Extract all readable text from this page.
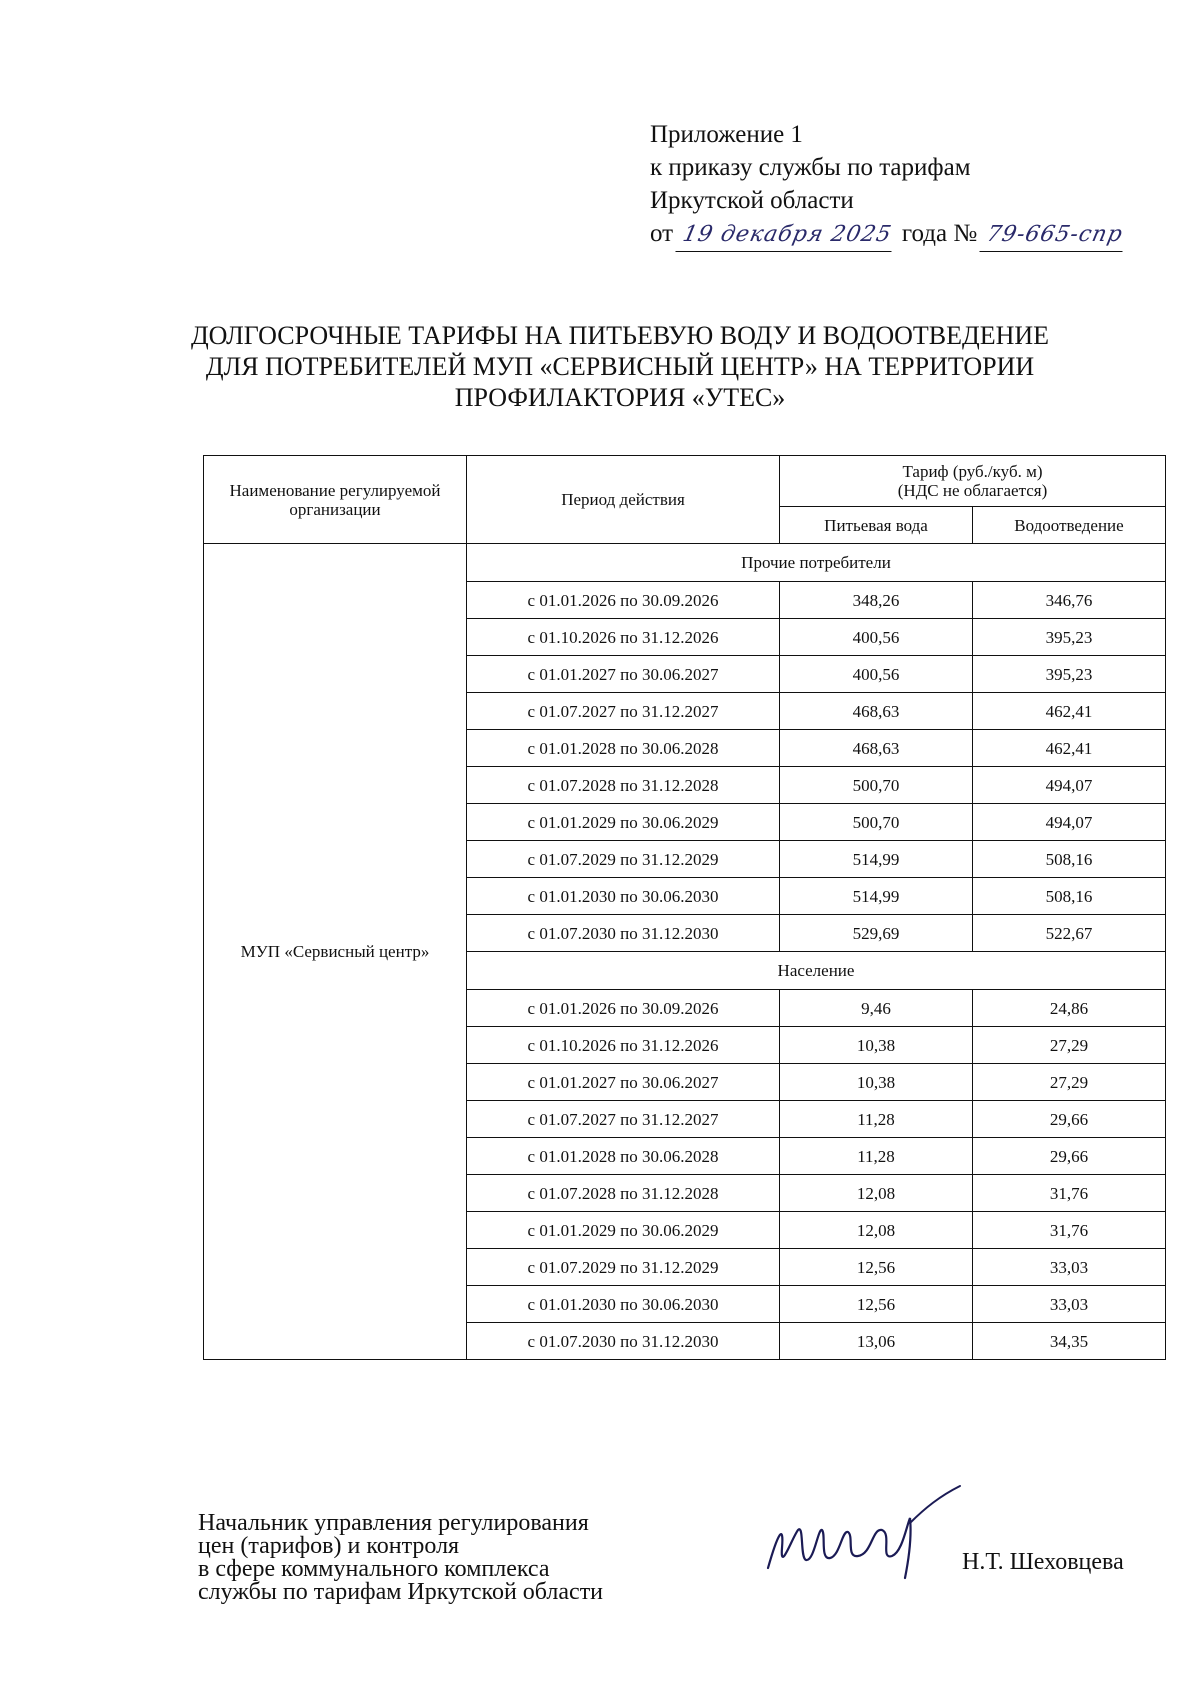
Приложение 1
к приказу службы по тарифам
Иркутской области
от 19 декабря 2025 года № 79-665-спр
ДОЛГОСРОЧНЫЕ ТАРИФЫ НА ПИТЬЕВУЮ ВОДУ И ВОДООТВЕДЕНИЕ
ДЛЯ ПОТРЕБИТЕЛЕЙ МУП «СЕРВИСНЫЙ ЦЕНТР» НА ТЕРРИТОРИИ
ПРОФИЛАКТОРИЯ «УТЕС»
Наименование регулируемой организации	Период действия	Тариф (руб./куб. м)
(НДС не облагается)	
		Питьевая вода	Водоотведение
МУП «Сервисный центр»	Прочие потребители		
	с 01.01.2026 по 30.09.2026	348,26	346,76
	с 01.10.2026 по 31.12.2026	400,56	395,23
	с 01.01.2027 по 30.06.2027	400,56	395,23
	с 01.07.2027 по 31.12.2027	468,63	462,41
	с 01.01.2028 по 30.06.2028	468,63	462,41
	с 01.07.2028 по 31.12.2028	500,70	494,07
	с 01.01.2029 по 30.06.2029	500,70	494,07
	с 01.07.2029 по 31.12.2029	514,99	508,16
	с 01.01.2030 по 30.06.2030	514,99	508,16
	с 01.07.2030 по 31.12.2030	529,69	522,67
	Население		
	с 01.01.2026 по 30.09.2026	9,46	24,86
	с 01.10.2026 по 31.12.2026	10,38	27,29
	с 01.01.2027 по 30.06.2027	10,38	27,29
	с 01.07.2027 по 31.12.2027	11,28	29,66
	с 01.01.2028 по 30.06.2028	11,28	29,66
	с 01.07.2028 по 31.12.2028	12,08	31,76
	с 01.01.2029 по 30.06.2029	12,08	31,76
	с 01.07.2029 по 31.12.2029	12,56	33,03
	с 01.01.2030 по 30.06.2030	12,56	33,03
	с 01.07.2030 по 31.12.2030	13,06	34,35
Начальник управления регулирования
цен (тарифов) и контроля
в сфере коммунального комплекса
службы по тарифам Иркутской области
Н.Т. Шеховцева
